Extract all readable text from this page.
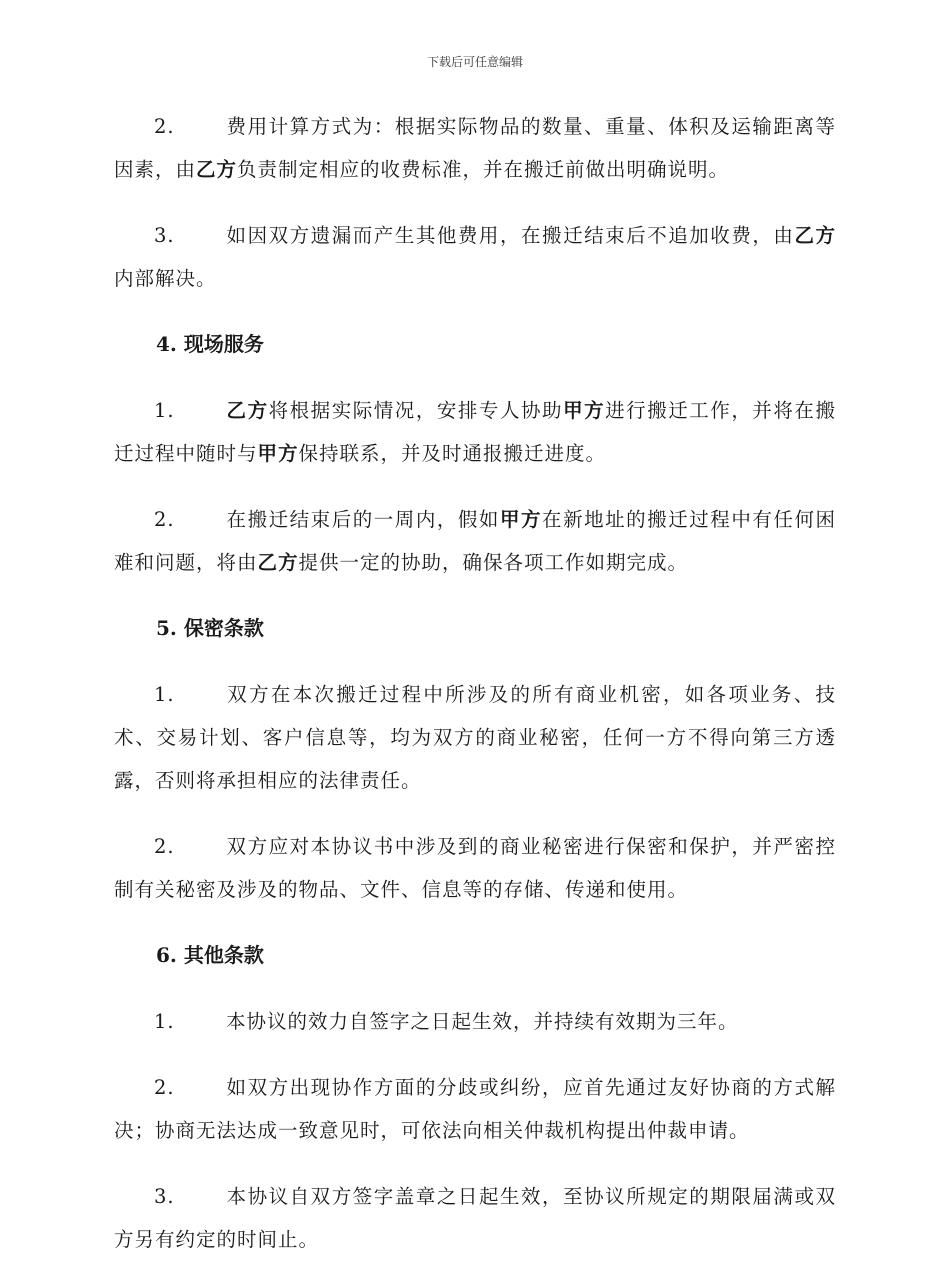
下载后可任意编辑
2.	费用计算方式为：根据实际物品的数量、重量、体积及运输距离等因素，由乙方负责制定相应的收费标准，并在搬迁前做出明确说明。
3.	如因双方遗漏而产生其他费用，在搬迁结束后不追加收费，由乙方内部解决。
4. 现场服务
1.	乙方将根据实际情况，安排专人协助甲方进行搬迁工作，并将在搬迁过程中随时与甲方保持联系，并及时通报搬迁进度。
2.	在搬迁结束后的一周内，假如甲方在新地址的搬迁过程中有任何困难和问题，将由乙方提供一定的协助，确保各项工作如期完成。
5. 保密条款
1.	双方在本次搬迁过程中所涉及的所有商业机密，如各项业务、技术、交易计划、客户信息等，均为双方的商业秘密，任何一方不得向第三方透露，否则将承担相应的法律责任。
2.	双方应对本协议书中涉及到的商业秘密进行保密和保护，并严密控制有关秘密及涉及的物品、文件、信息等的存储、传递和使用。
6. 其他条款
1.	本协议的效力自签字之日起生效，并持续有效期为三年。
2.	如双方出现协作方面的分歧或纠纷，应首先通过友好协商的方式解决；协商无法达成一致意见时，可依法向相关仲裁机构提出仲裁申请。
3.	本协议自双方签字盖章之日起生效，至协议所规定的期限届满或双方另有约定的时间止。
